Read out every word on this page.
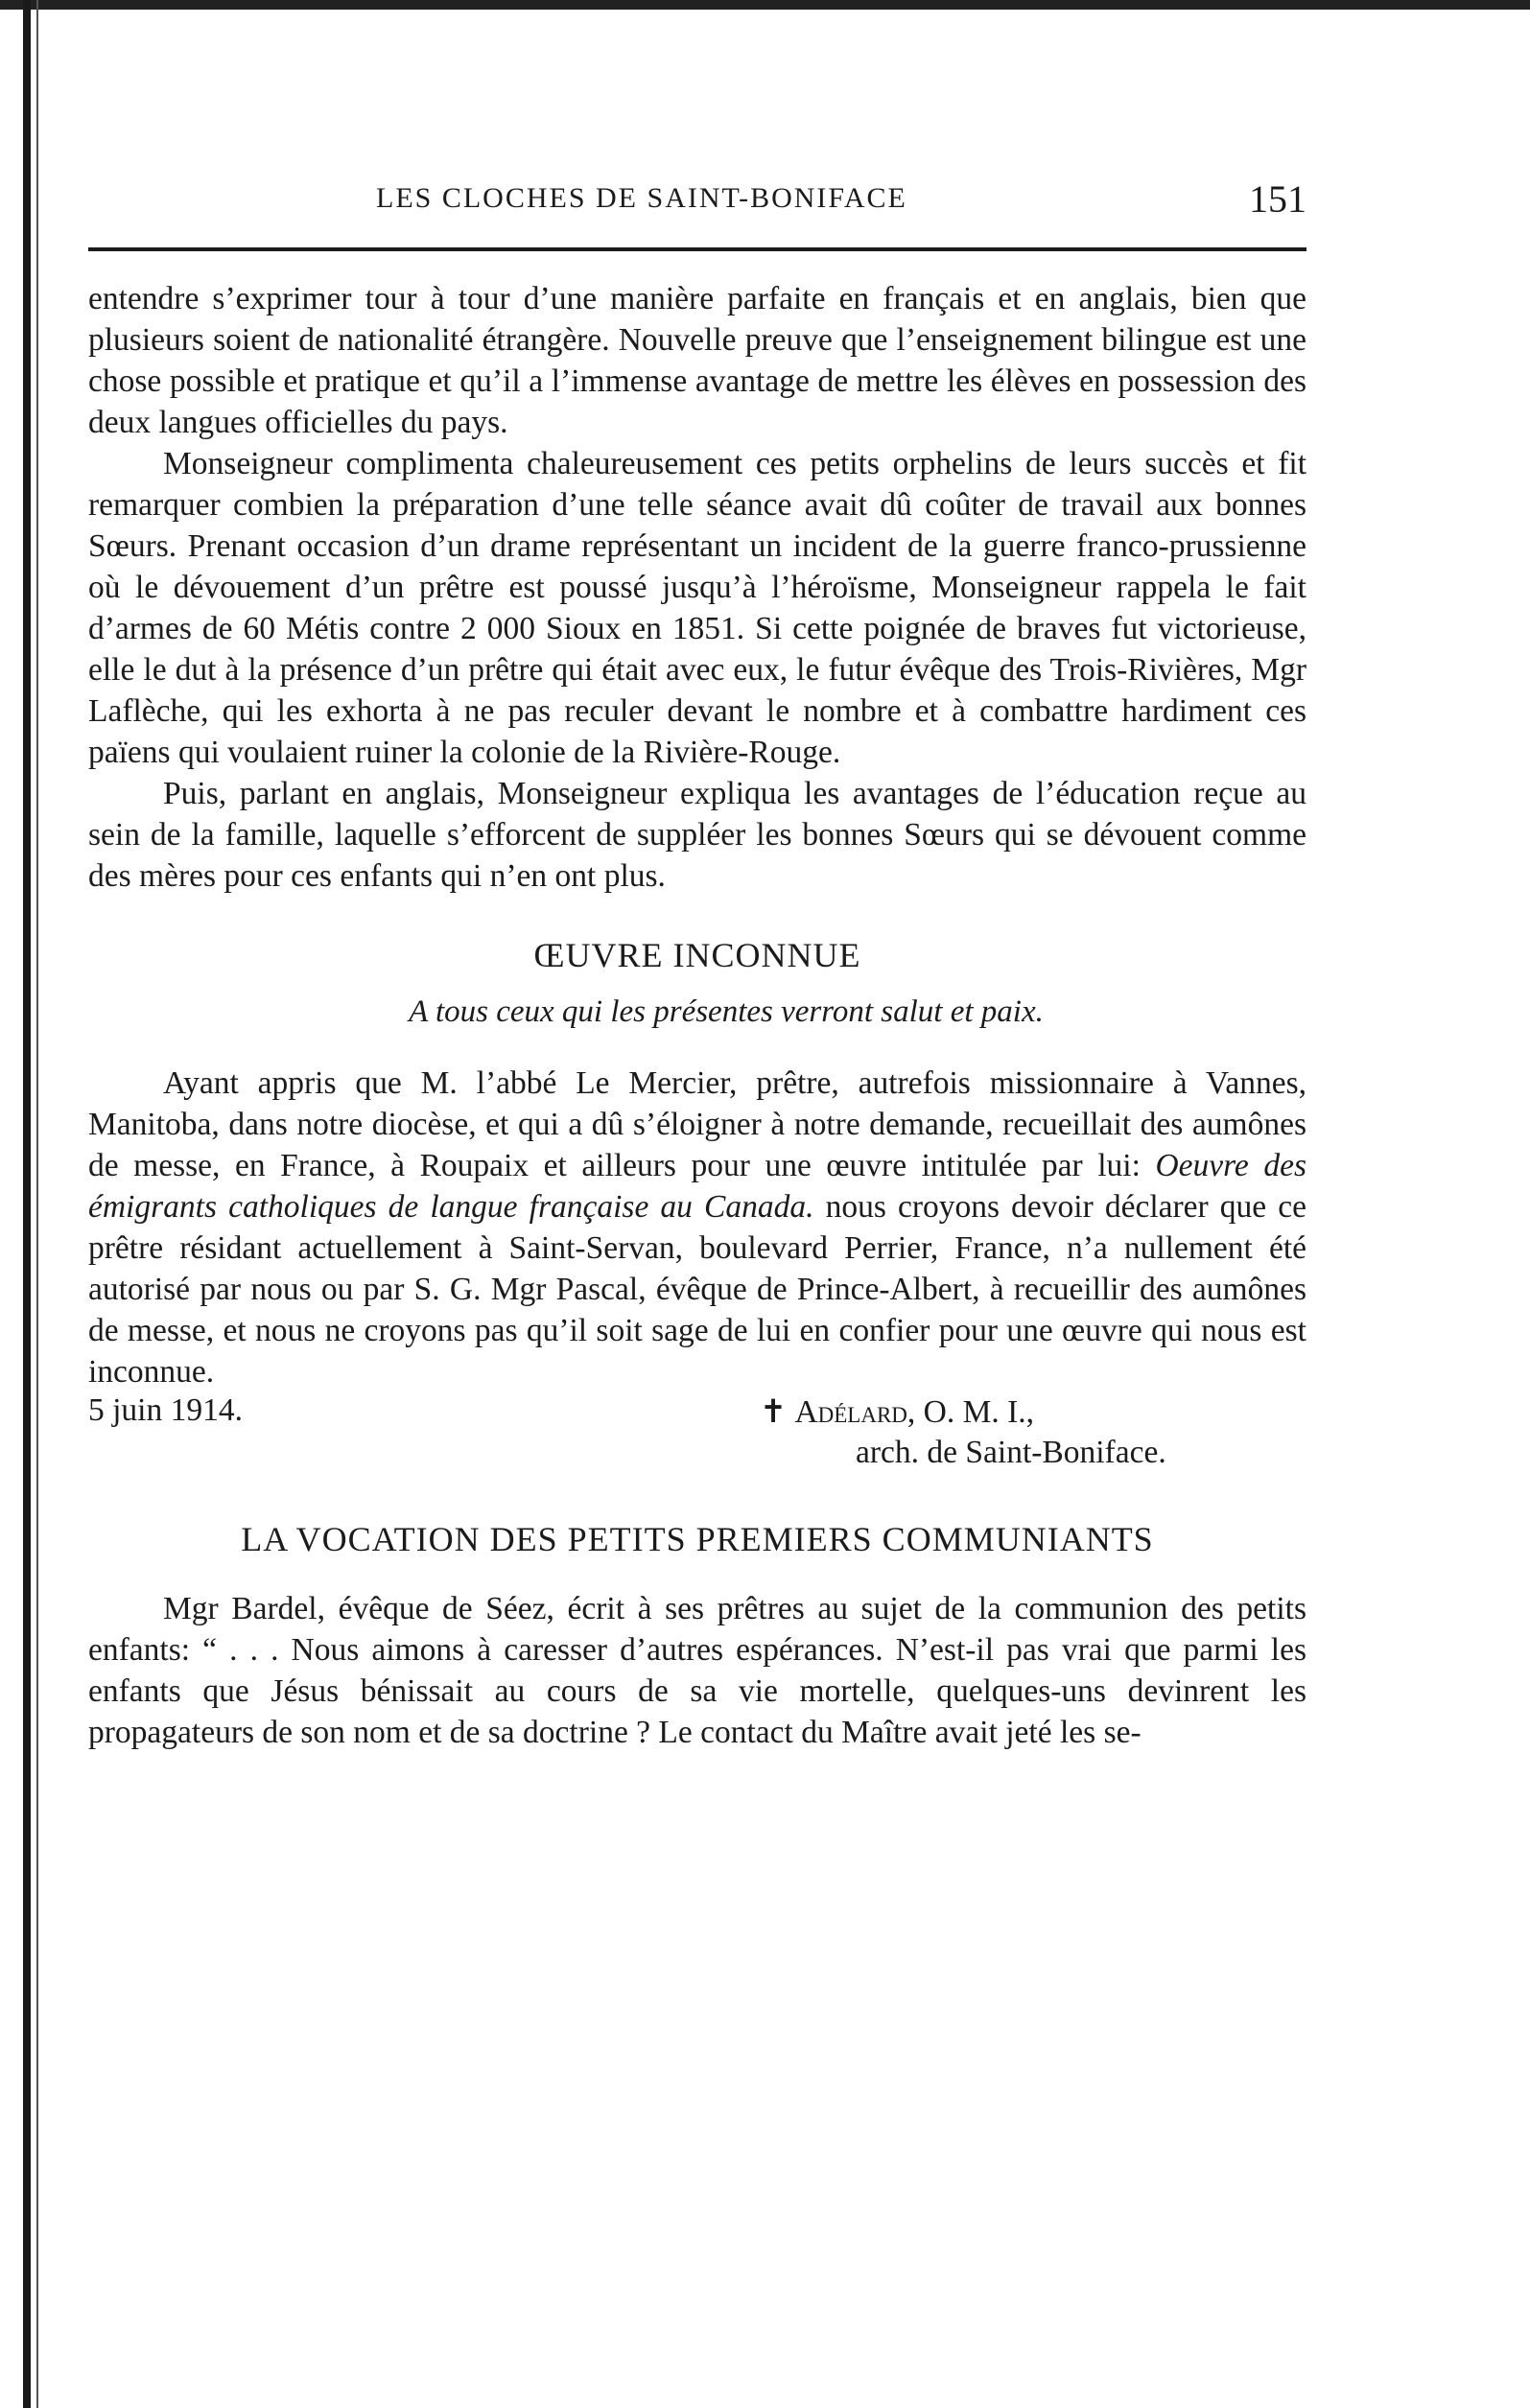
LES CLOCHES DE SAINT-BONIFACE	151

entendre s’exprimer tour à tour d’une manière parfaite en français et en anglais, bien que plusieurs soient de nationalité étrangère. Nouvelle preuve que l’enseignement bilingue est une chose possible et pratique et qu’il a l’immense avantage de mettre les élèves en possession des deux langues officielles du pays.

Monseigneur complimenta chaleureusement ces petits orphelins de leurs succès et fit remarquer combien la préparation d’une telle séance avait dû coûter de travail aux bonnes Sœurs. Prenant occasion d’un drame représentant un incident de la guerre franco-prussienne où le dévouement d’un prêtre est poussé jusqu’à l’héroïsme, Monseigneur rappela le fait d’armes de 60 Métis contre 2 000 Sioux en 1851. Si cette poignée de braves fut victorieuse, elle le dut à la présence d’un prêtre qui était avec eux, le futur évêque des Trois-Rivières, Mgr Laflèche, qui les exhorta à ne pas reculer devant le nombre et à combattre hardiment ces païens qui voulaient ruiner la colonie de la Rivière-Rouge.

Puis, parlant en anglais, Monseigneur expliqua les avantages de l’éducation reçue au sein de la famille, laquelle s’efforcent de suppléer les bonnes Sœurs qui se dévouent comme des mères pour ces enfants qui n’en ont plus.

ŒUVRE INCONNUE
A tous ceux qui les présentes verront salut et paix.

Ayant appris que M. l’abbé Le Mercier, prêtre, autrefois missionnaire à Vannes, Manitoba, dans notre diocèse, et qui a dû s’éloigner à notre demande, recueillait des aumônes de messe, en France, à Roupaix et ailleurs pour une œuvre intitulée par lui: Oeuvre des émigrants catholiques de langue française au Canada. nous croyons devoir déclarer que ce prêtre résidant actuellement à Saint-Servan, boulevard Perrier, France, n’a nullement été autorisé par nous ou par S. G. Mgr Pascal, évêque de Prince-Albert, à recueillir des aumônes de messe, et nous ne croyons pas qu’il soit sage de lui en confier pour une œuvre qui nous est inconnue.

5 juin 1914.	✝ Adélard, O. M. I.,
arch. de Saint-Boniface.
LA VOCATION DES PETITS PREMIERS COMMUNIANTS

Mgr Bardel, évêque de Séez, écrit à ses prêtres au sujet de la communion des petits enfants: “ . . . Nous aimons à caresser d’autres espérances. N’est-il pas vrai que parmi les enfants que Jésus bénissait au cours de sa vie mortelle, quelques-uns devinrent les propagateurs de son nom et de sa doctrine ? Le contact du Maître avait jeté les se-
